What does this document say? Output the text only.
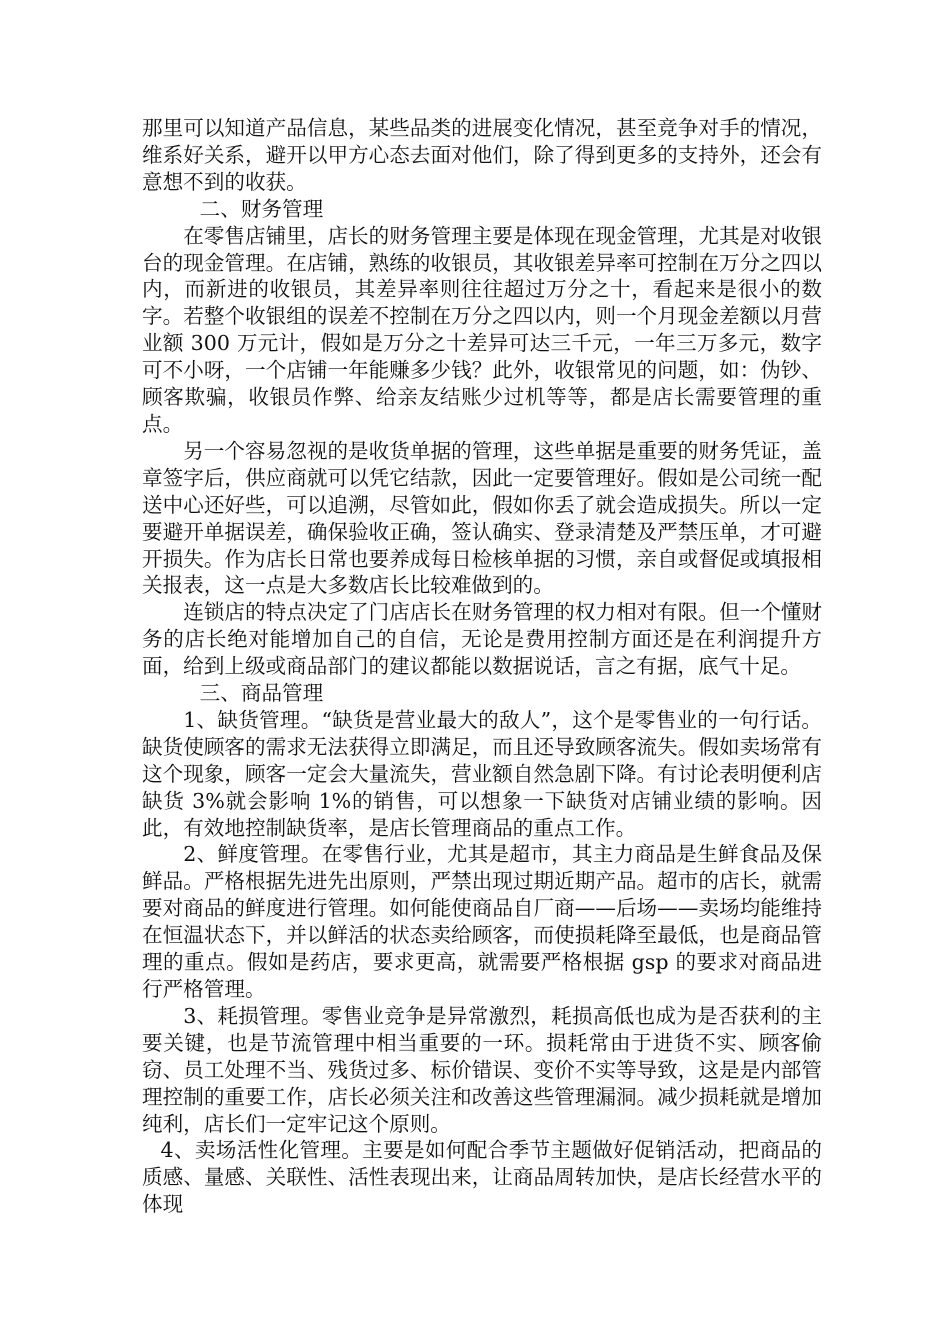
那里可以知道产品信息，某些品类的进展变化情况，甚至竞争对手的情况，维系好关系，避开以甲方心态去面对他们，除了得到更多的支持外，还会有意想不到的收获。

二、财务管理

在零售店铺里，店长的财务管理主要是体现在现金管理，尤其是对收银台的现金管理。在店铺，熟练的收银员，其收银差异率可控制在万分之四以内，而新进的收银员，其差异率则往往超过万分之十，看起来是很小的数字。若整个收银组的误差不控制在万分之四以内，则一个月现金差额以月营业额 300 万元计，假如是万分之十差异可达三千元，一年三万多元，数字可不小呀，一个店铺一年能赚多少钱？此外，收银常见的问题，如：伪钞、顾客欺骗，收银员作弊、给亲友结账少过机等等，都是店长需要管理的重点。

另一个容易忽视的是收货单据的管理，这些单据是重要的财务凭证，盖章签字后，供应商就可以凭它结款，因此一定要管理好。假如是公司统一配送中心还好些，可以追溯，尽管如此，假如你丢了就会造成损失。所以一定要避开单据误差，确保验收正确，签认确实、登录清楚及严禁压单，才可避开损失。作为店长日常也要养成每日检核单据的习惯，亲自或督促或填报相关报表，这一点是大多数店长比较难做到的。

连锁店的特点决定了门店店长在财务管理的权力相对有限。但一个懂财务的店长绝对能增加自己的自信，无论是费用控制方面还是在利润提升方面，给到上级或商品部门的建议都能以数据说话，言之有据，底气十足。

三、商品管理

1、缺货管理。“缺货是营业最大的敌人”，这个是零售业的一句行话。缺货使顾客的需求无法获得立即满足，而且还导致顾客流失。假如卖场常有这个现象，顾客一定会大量流失，营业额自然急剧下降。有讨论表明便利店缺货 3%就会影响 1%的销售，可以想象一下缺货对店铺业绩的影响。因此，有效地控制缺货率，是店长管理商品的重点工作。

2、鲜度管理。在零售行业，尤其是超市，其主力商品是生鲜食品及保鲜品。严格根据先进先出原则，严禁出现过期近期产品。超市的店长，就需要对商品的鲜度进行管理。如何能使商品自厂商——后场——卖场均能维持在恒温状态下，并以鲜活的状态卖给顾客，而使损耗降至最低，也是商品管理的重点。假如是药店，要求更高，就需要严格根据 gsp 的要求对商品进行严格管理。

3、耗损管理。零售业竞争是异常激烈，耗损高低也成为是否获利的主要关键，也是节流管理中相当重要的一环。损耗常由于进货不实、顾客偷窃、员工处理不当、残货过多、标价错误、变价不实等导致，这是是内部管理控制的重要工作，店长必须关注和改善这些管理漏洞。减少损耗就是增加纯利，店长们一定牢记这个原则。

4、卖场活性化管理。主要是如何配合季节主题做好促销活动，把商品的质感、量感、关联性、活性表现出来，让商品周转加快，是店长经营水平的体现
